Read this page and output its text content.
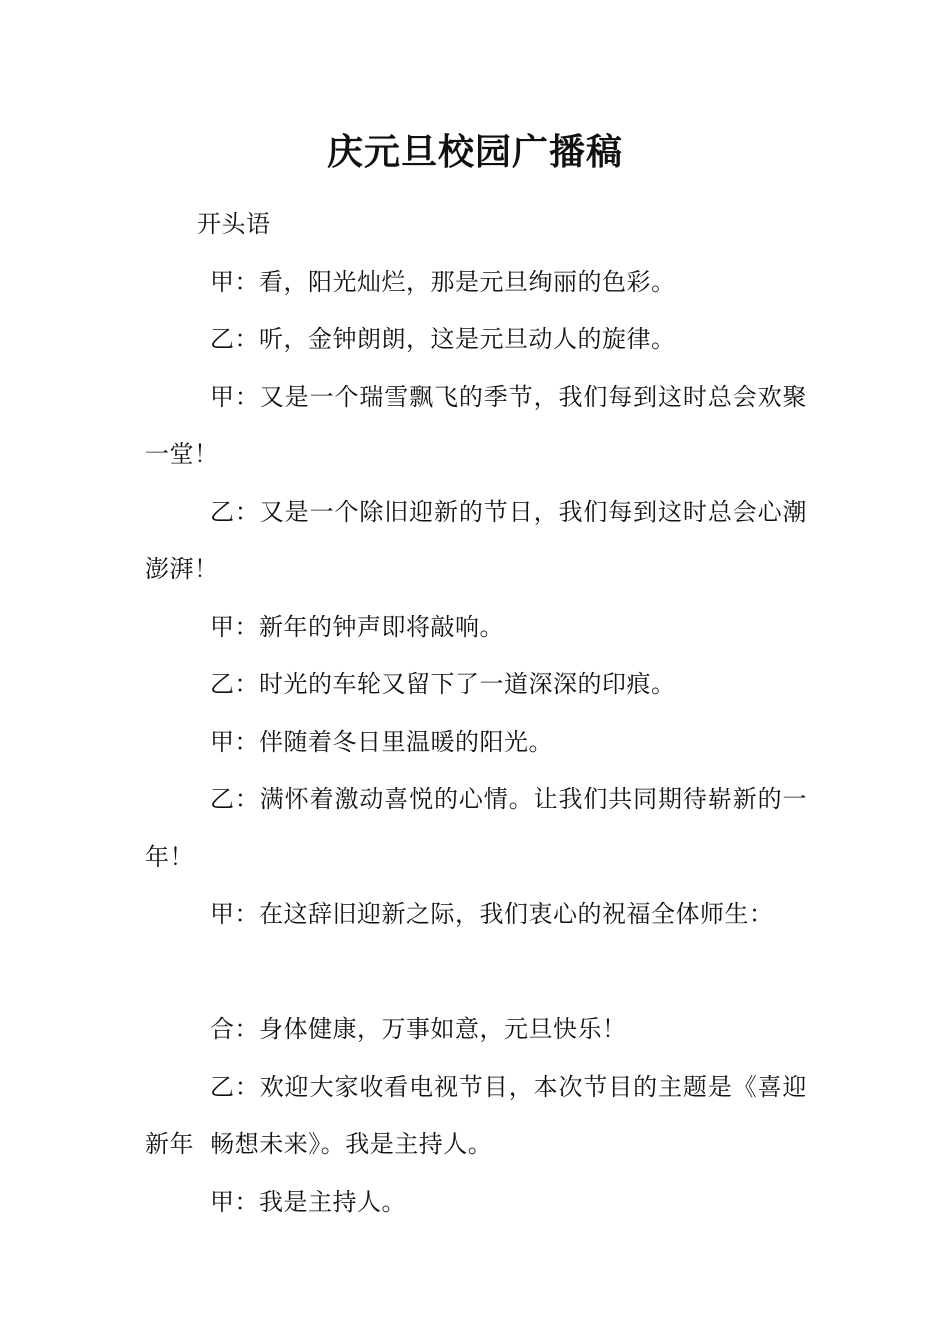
庆元旦校园广播稿

开头语

甲：看，阳光灿烂，那是元旦绚丽的色彩。

乙：听，金钟朗朗，这是元旦动人的旋律。

甲：又是一个瑞雪飘飞的季节，我们每到这时总会欢聚一堂！

乙：又是一个除旧迎新的节日，我们每到这时总会心潮澎湃！

甲：新年的钟声即将敲响。

乙：时光的车轮又留下了一道深深的印痕。

甲：伴随着冬日里温暖的阳光。

乙：满怀着激动喜悦的心情。让我们共同期待崭新的一年！

甲：在这辞旧迎新之际，我们衷心的祝福全体师生：

合：身体健康，万事如意，元旦快乐！

乙：欢迎大家收看电视节目，本次节目的主题是《喜迎新年  畅想未来》。我是主持人。

甲：我是主持人。
